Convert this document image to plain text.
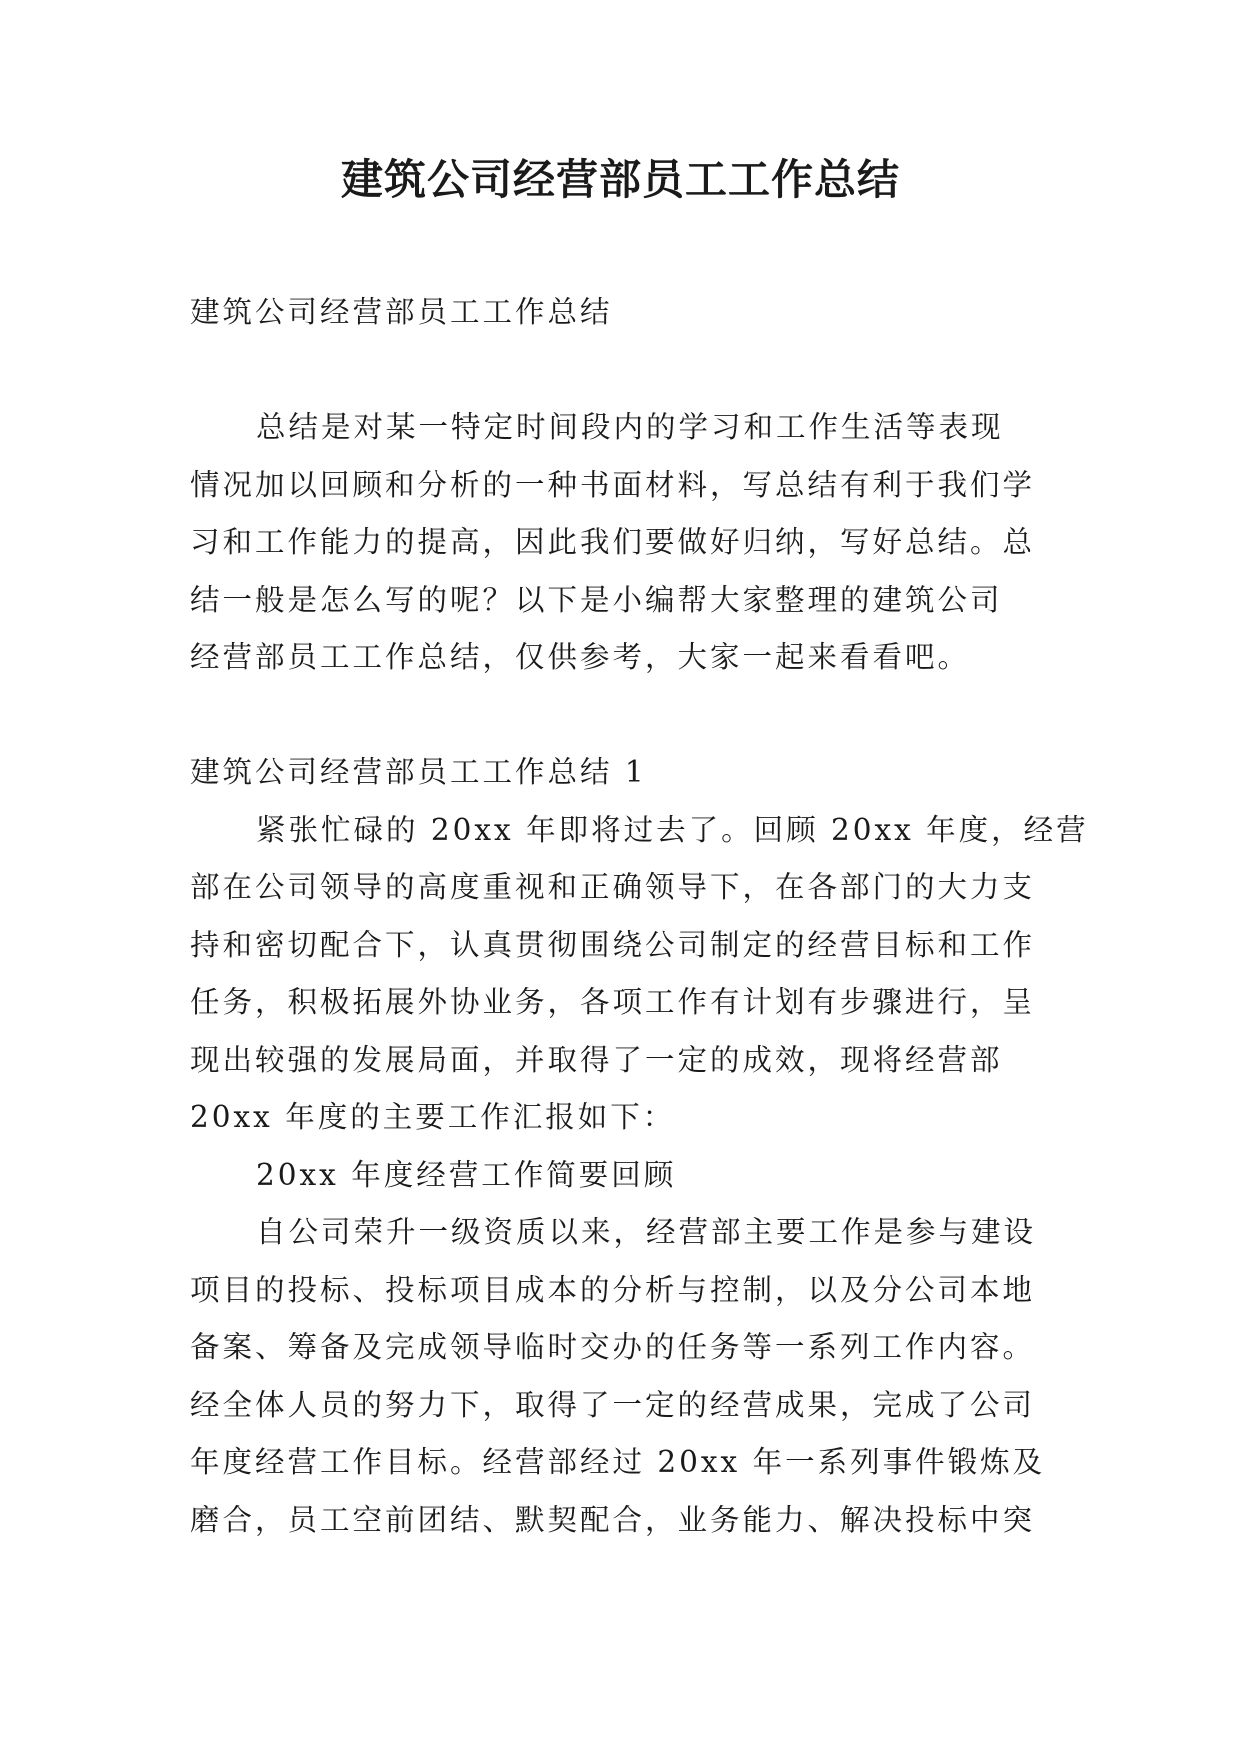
建筑公司经营部员工工作总结
建筑公司经营部员工工作总结
总结是对某一特定时间段内的学习和工作生活等表现
情况加以回顾和分析的一种书面材料，写总结有利于我们学
习和工作能力的提高，因此我们要做好归纳，写好总结。总
结一般是怎么写的呢？以下是小编帮大家整理的建筑公司
经营部员工工作总结，仅供参考，大家一起来看看吧。
建筑公司经营部员工工作总结 1
紧张忙碌的 20xx 年即将过去了。回顾 20xx 年度，经营
部在公司领导的高度重视和正确领导下，在各部门的大力支
持和密切配合下，认真贯彻围绕公司制定的经营目标和工作
任务，积极拓展外协业务，各项工作有计划有步骤进行，呈
现出较强的发展局面，并取得了一定的成效，现将经营部
20xx 年度的主要工作汇报如下：
20xx 年度经营工作简要回顾
自公司荣升一级资质以来，经营部主要工作是参与建设
项目的投标、投标项目成本的分析与控制，以及分公司本地
备案、筹备及完成领导临时交办的任务等一系列工作内容。
经全体人员的努力下，取得了一定的经营成果，完成了公司
年度经营工作目标。经营部经过 20xx 年一系列事件锻炼及
磨合，员工空前团结、默契配合，业务能力、解决投标中突
